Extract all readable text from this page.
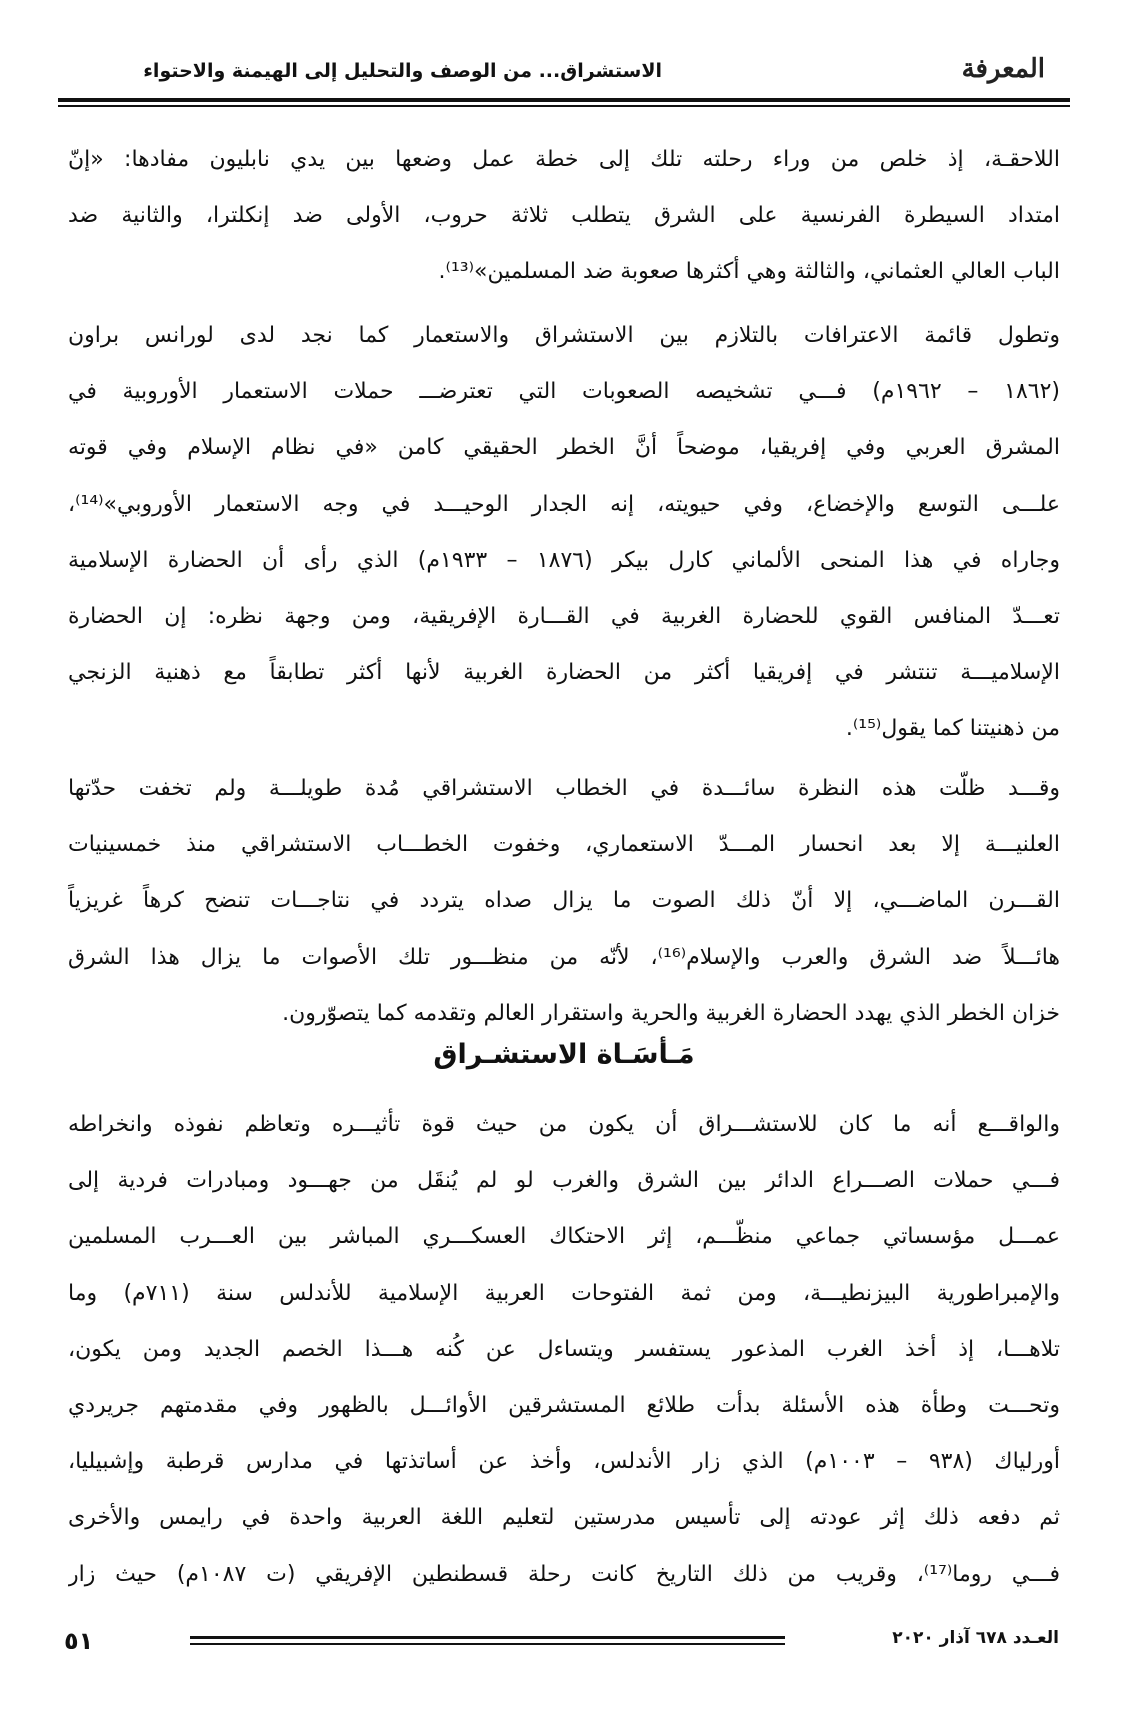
المعرفة
الاستشراق... من الوصف والتحليل إلى الهيمنة والاحتواء
اللاحقـة، إذ خلص من وراء رحلته تلك إلى خطة عمل وضعها بين يدي نابليون مفادها: «إنّ
امتداد السيطرة الفرنسية على الشرق يتطلب ثلاثة حروب، الأولى ضد إنكلترا، والثانية ضد
الباب العالي العثماني، والثالثة وهي أكثرها صعوبة ضد المسلمين»⁽¹³⁾.
وتطول قائمة الاعترافات بالتلازم بين الاستشراق والاستعمار كما نجد لدى لورانس براون
(١٨٦٢ – ١٩٦٢م) فـــي تشخيصه الصعوبات التي تعترضـــ حملات الاستعمار الأوروبية في
المشرق العربي وفي إفريقيا، موضحاً أنَّ الخطر الحقيقي كامن «في نظام الإسلام وفي قوته
علـــى التوسع والإخضاع، وفي حيويته، إنه الجدار الوحيـــد في وجه الاستعمار الأوروبي»⁽¹⁴⁾،
وجاراه في هذا المنحى الألماني كارل بيكر (١٨٧٦ – ١٩٣٣م) الذي رأى أن الحضارة الإسلامية
تعـــدّ المنافس القوي للحضارة الغربية في القـــارة الإفريقية، ومن وجهة نظره: إن الحضارة
الإسلاميـــة تنتشر في إفريقيا أكثر من الحضارة الغربية لأنها أكثر تطابقاً مع ذهنية الزنجي
من ذهنيتنا كما يقول⁽¹⁵⁾.
وقـــد ظلّت هذه النظرة سائـــدة في الخطاب الاستشراقي مُدة طويلـــة ولم تخفت حدّتها
العلنيـــة إلا بعد انحسار المـــدّ الاستعماري، وخفوت الخطـــاب الاستشراقي منذ خمسينيات
القـــرن الماضـــي، إلا أنّ ذلك الصوت ما يزال صداه يتردد في نتاجـــات تنضح كرهاً غريزياً
هائـــلاً ضد الشرق والعرب والإسلام⁽¹⁶⁾، لأنّه من منظـــور تلك الأصوات ما يزال هذا الشرق
خزان الخطر الذي يهدد الحضارة الغربية والحرية واستقرار العالم وتقدمه كما يتصوّرون.
مَـأسَـاة الاستشـراق
والواقـــع أنه ما كان للاستشـــراق أن يكون من حيث قوة تأثيـــره وتعاظم نفوذه وانخراطه
فـــي حملات الصـــراع الدائر بين الشرق والغرب لو لم يُنقَل من جهـــود ومبادرات فردية إلى
عمـــل مؤسساتي جماعي منظّـــم، إثر الاحتكاك العسكـــري المباشر بين العـــرب المسلمين
والإمبراطورية البيزنطيـــة، ومن ثمة الفتوحات العربية الإسلامية للأندلس سنة (٧١١م) وما
تلاهـــا، إذ أخذ الغرب المذعور يستفسر ويتساءل عن كُنه هـــذا الخصم الجديد ومن يكون،
وتحـــت وطأة هذه الأسئلة بدأت طلائع المستشرقين الأوائـــل بالظهور وفي مقدمتهم جريردي
أورلياك (٩٣٨ – ١٠٠٣م) الذي زار الأندلس، وأخذ عن أساتذتها في مدارس قرطبة وإشبيليا،
ثم دفعه ذلك إثر عودته إلى تأسيس مدرستين لتعليم اللغة العربية واحدة في رايمس والأخرى
فـــي روما⁽¹⁷⁾، وقريب من ذلك التاريخ كانت رحلة قسطنطين الإفريقي (ت ١٠٨٧م) حيث زار
٥١	العـدد ٦٧٨ آذار ٢٠٢٠
